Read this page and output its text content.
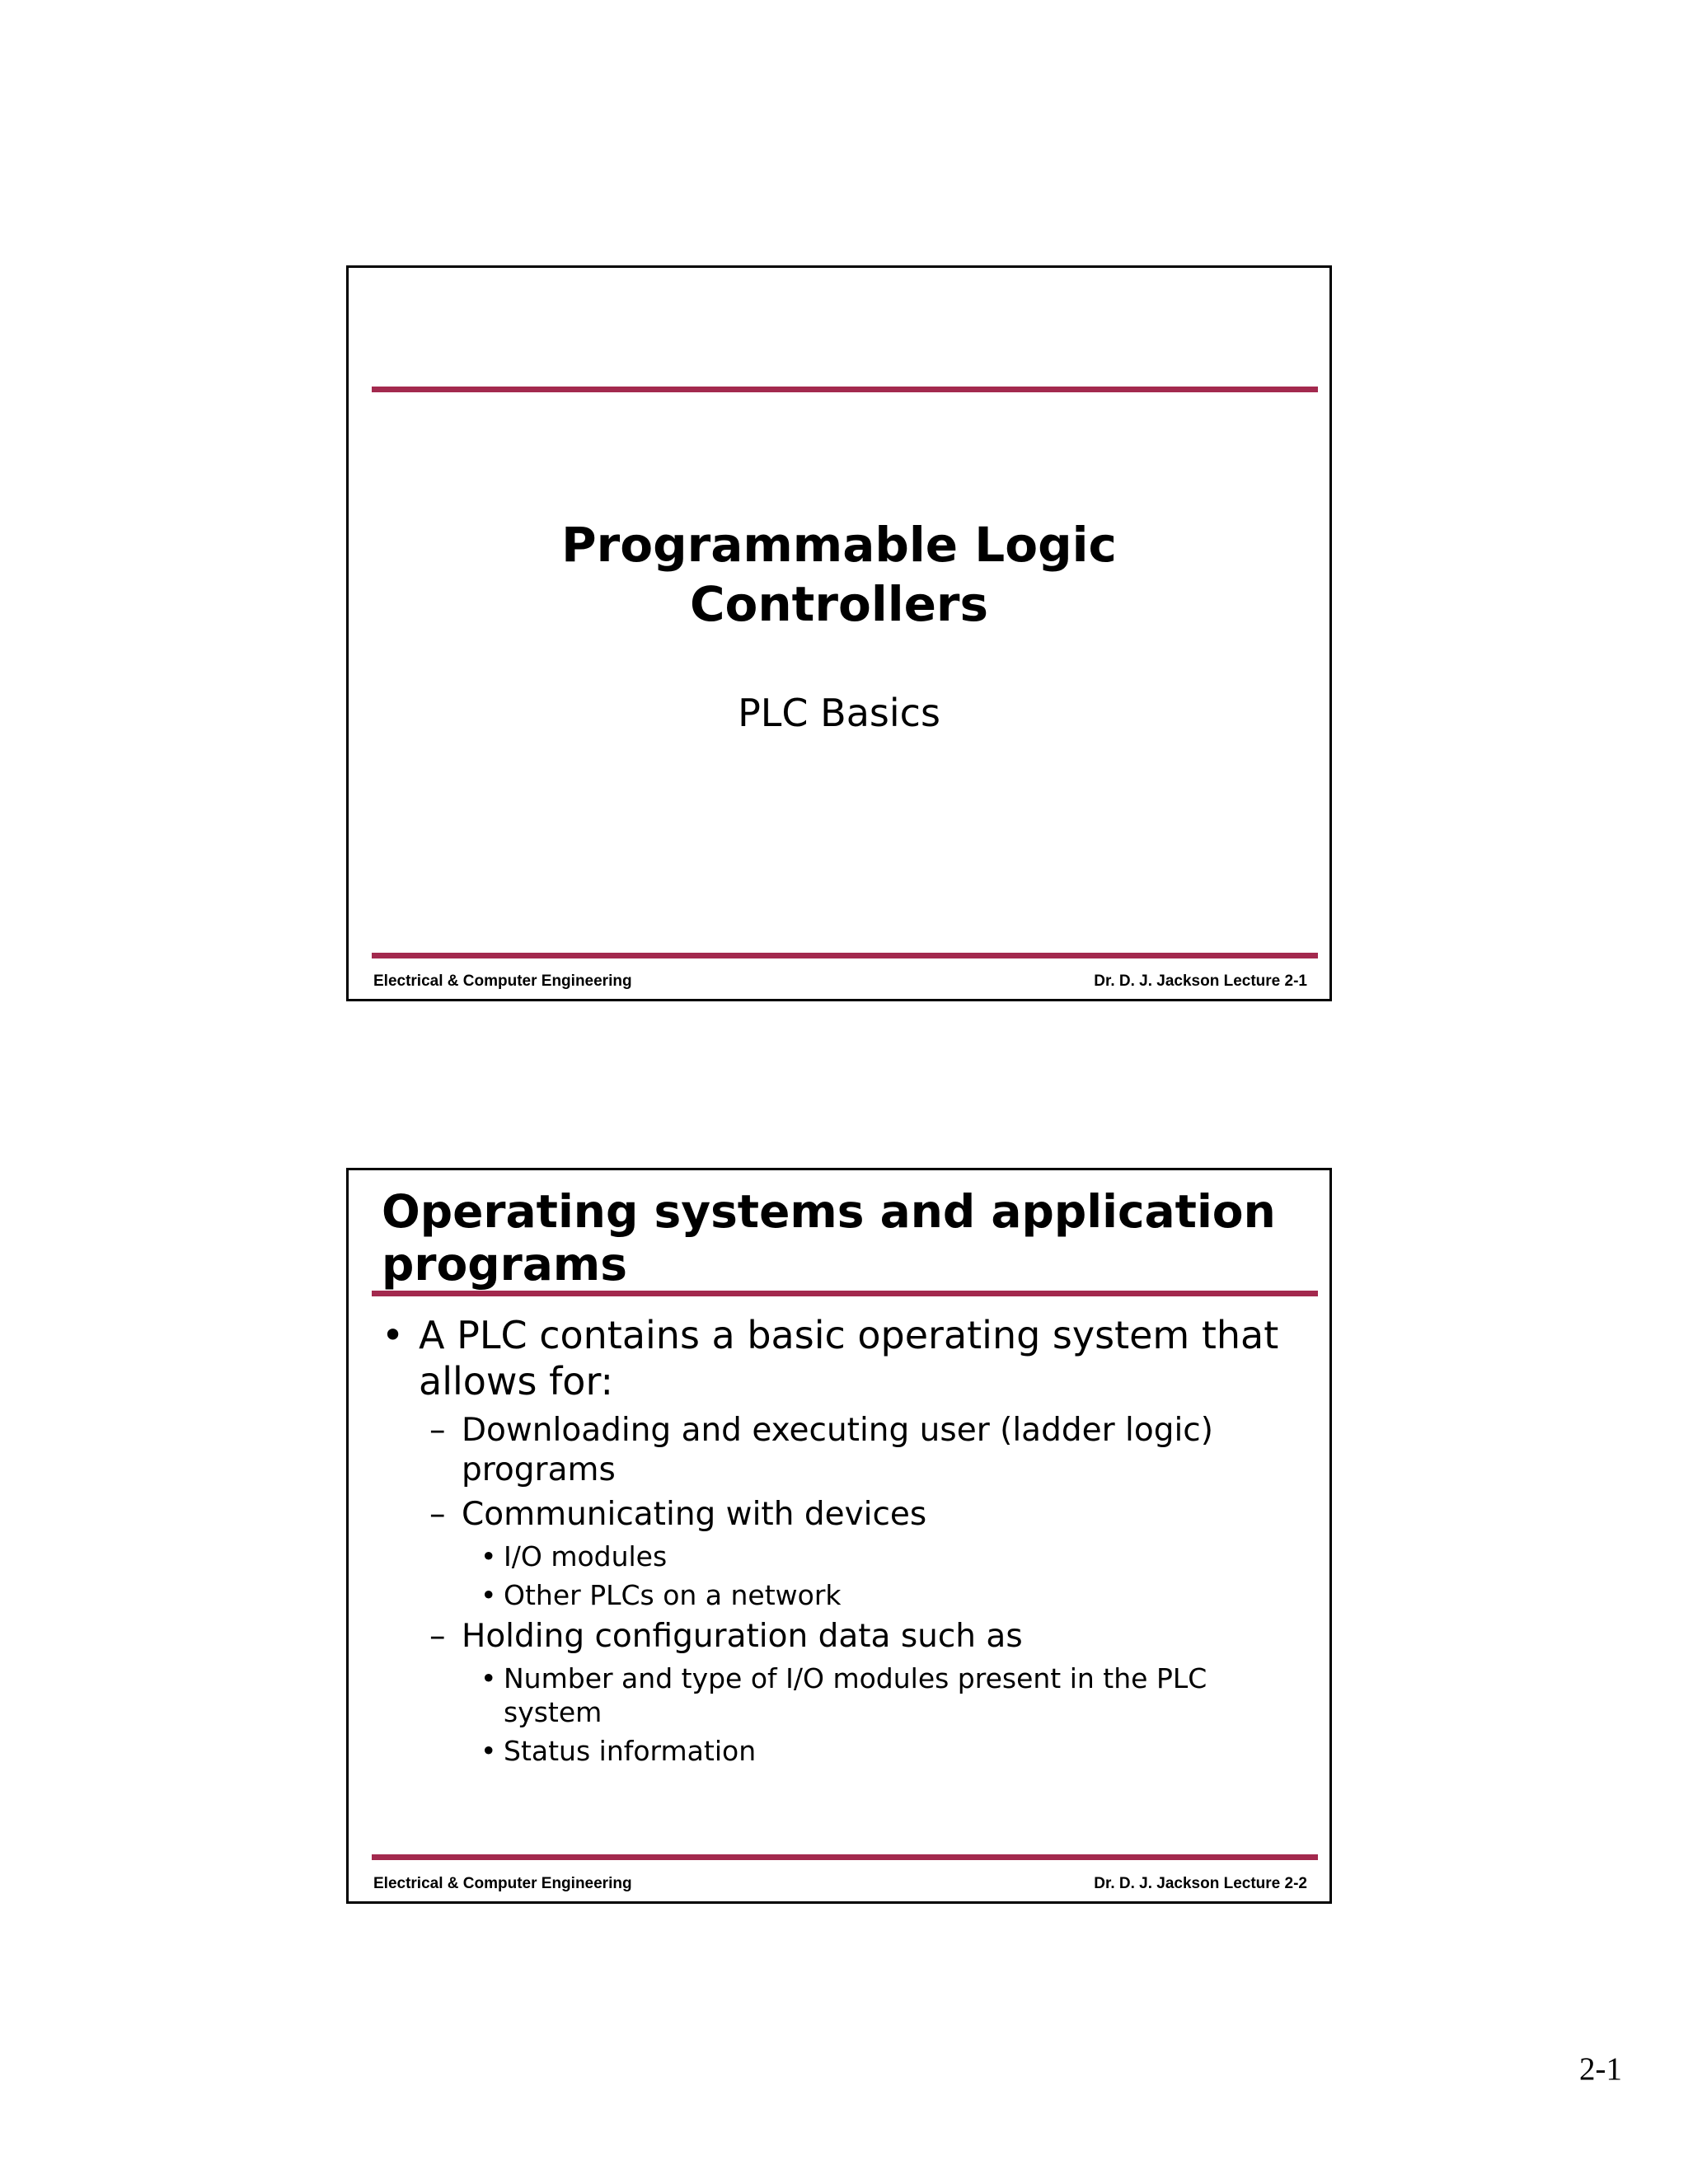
Programmable Logic
Controllers
PLC Basics
Electrical & Computer Engineering	Dr. D. J. Jackson Lecture 2-1
Operating systems and application
programs
• A PLC contains a basic operating system that
allows for:
– Downloading and executing user (ladder logic)
programs
– Communicating with devices
• I/O modules
• Other PLCs on a network
– Holding configuration data such as
• Number and type of I/O modules present in the PLC
system
• Status information
Electrical & Computer Engineering	Dr. D. J. Jackson Lecture 2-2
2-1
